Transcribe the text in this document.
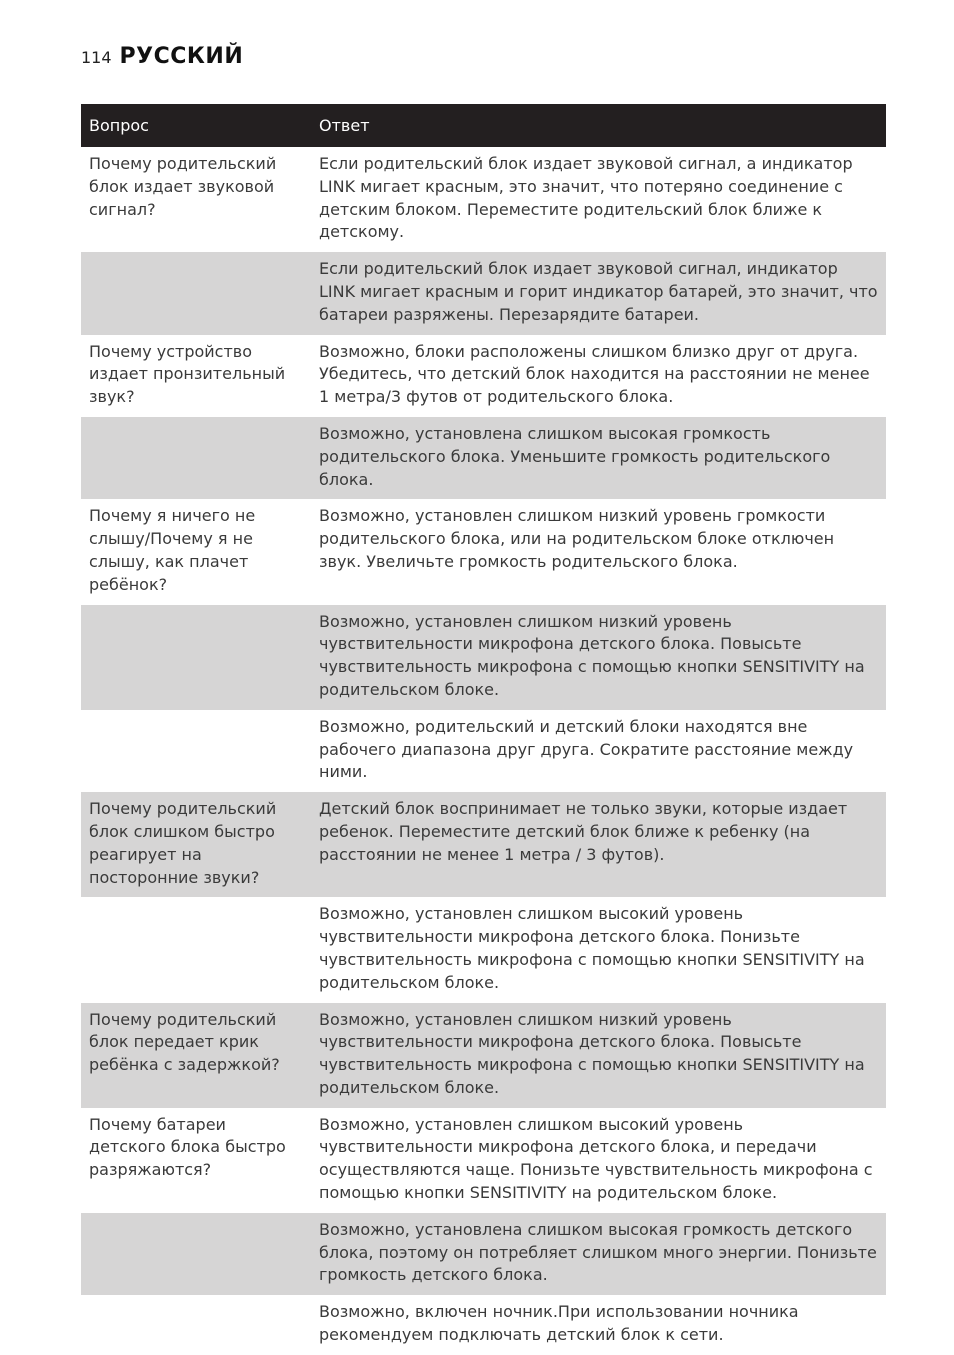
114 РУССКИЙ
Вопрос	Ответ
Почему родительский блок издает звуковой сигнал?	Если родительский блок издает звуковой сигнал, а индикатор LINK мигает красным, это значит, что потеряно соединение с детским блоком. Переместите родительский блок ближе к детскому.
	Если родительский блок издает звуковой сигнал, индикатор LINK мигает красным и горит индикатор батарей, это значит, что батареи разряжены. Перезарядите батареи.
Почему устройство издает пронзительный звук?	Возможно, блоки расположены слишком близко друг от друга. Убедитесь, что детский блок находится на расстоянии не менее 1 метра/3 футов от родительского блока.
	Возможно, установлена слишком высокая громкость родительского блока. Уменьшите громкость родительского блока.
Почему я ничего не слышу/Почему я не слышу, как плачет ребёнок?	Возможно, установлен слишком низкий уровень громкости родительского блока, или на родительском блоке отключен звук. Увеличьте громкость родительского блока.
	Возможно, установлен слишком низкий уровень чувствительности микрофона детского блока. Повысьте чувствительность микрофона с помощью кнопки SENSITIVITY на родительском блоке.
	Возможно, родительский и детский блоки находятся вне рабочего диапазона друг друга. Сократите расстояние между ними.
Почему родительский блок слишком быстро реагирует на посторонние звуки?	Детский блок воспринимает не только звуки, которые издает ребенок. Переместите детский блок ближе к ребенку (на расстоянии не менее 1 метра / 3 футов).
	Возможно, установлен слишком высокий уровень чувствительности микрофона детского блока. Понизьте чувствительность микрофона с помощью кнопки SENSITIVITY на родительском блоке.
Почему родительский блок передает крик ребёнка с задержкой?	Возможно, установлен слишком низкий уровень чувствительности микрофона детского блока. Повысьте чувствительность микрофона с помощью кнопки SENSITIVITY на родительском блоке.
Почему батареи детского блока быстро разряжаются?	Возможно, установлен слишком высокий уровень чувствительности микрофона детского блока, и передачи осуществляются чаще. Понизьте чувствительность микрофона с помощью кнопки SENSITIVITY на родительском блоке.
	Возможно, установлена слишком высокая громкость детского блока, поэтому он потребляет слишком много энергии. Понизьте громкость детского блока.
	Возможно, включен ночник.При использовании ночника рекомендуем подключать детский блок к сети.
